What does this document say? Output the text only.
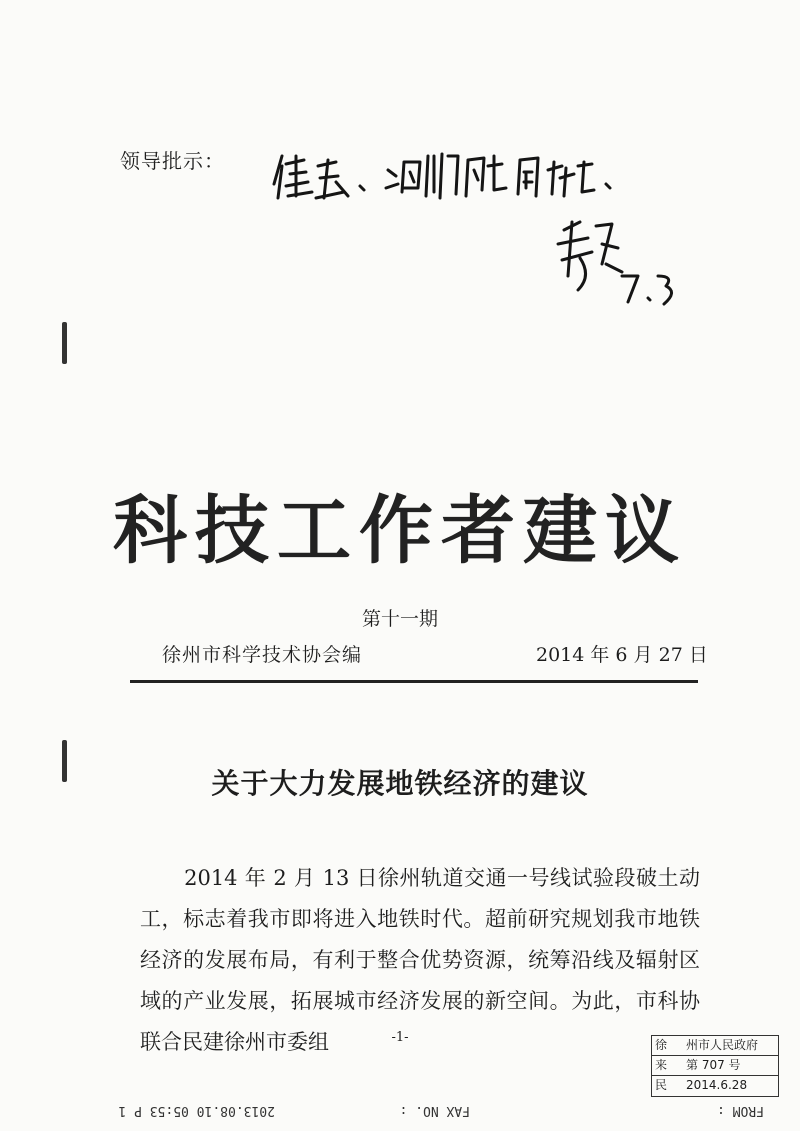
领导批示：
科技工作者建议
第十一期
徐州市科学技术协会编	2014 年 6 月 27 日
关于大力发展地铁经济的建议

2014 年 2 月 13 日徐州轨道交通一号线试验段破土动工，标志着我市即将进入地铁时代。超前研究规划我市地铁经济的发展布局，有利于整合优势资源，统筹沿线及辐射区域的产业发展，拓展城市经济发展的新空间。为此，市科协联合民建徐州市委组	-1-	徐 州市人民政府
来 第 707 号
民 2014.6.28
FROM :
FAX NO. :
2013.08.10 05:53 P 1
